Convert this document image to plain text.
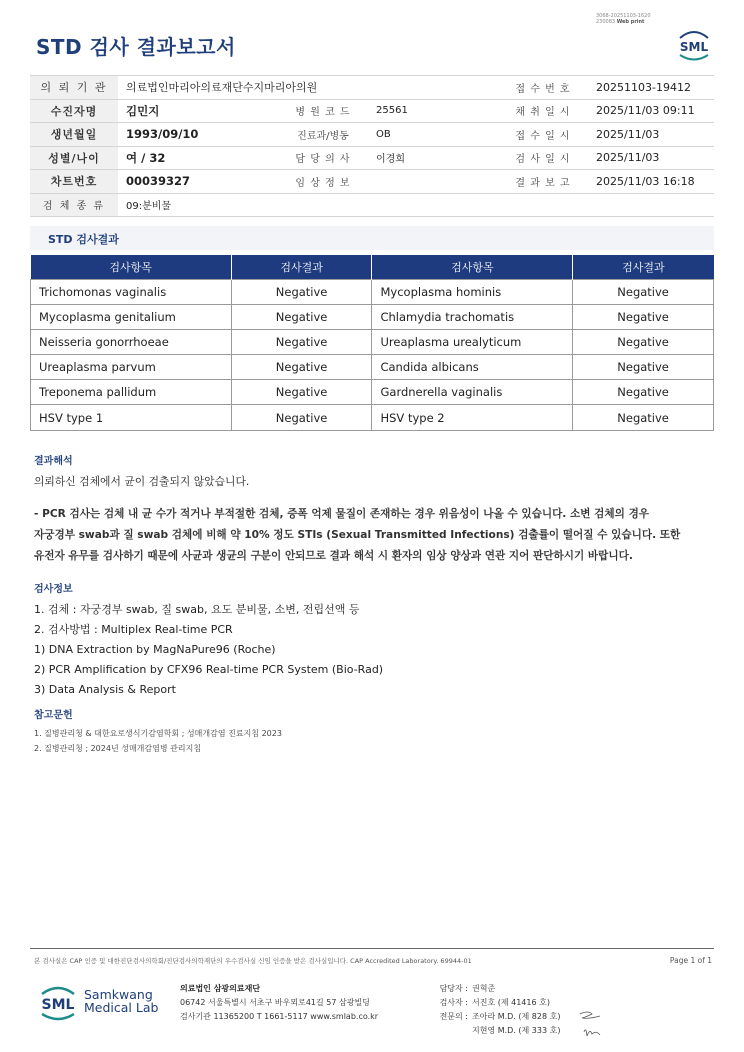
3068-20251103-1620
230083 Web print
STD 검사 결과보고서	SML
의 뢰 기 관	의료법인마리아의료재단수지마리아의원			접 수 번 호	20251103-19412
수진자명	김민지	병 원 코 드	25561	채 취 일 시	2025/11/03 09:11
생년월일	1993/09/10	진료과/병동	OB	접 수 일 시	2025/11/03
성별/나이	여 / 32	담 당 의 사	이경희	검 사 일 시	2025/11/03
차트번호	00039327	임 상 정 보		결 과 보 고	2025/11/03 16:18
검 체 종 류	09:분비물				
STD 검사결과
검사항목	검사결과	검사항목	검사결과
Trichomonas vaginalis	Negative	Mycoplasma hominis	Negative
Mycoplasma genitalium	Negative	Chlamydia trachomatis	Negative
Neisseria gonorrhoeae	Negative	Ureaplasma urealyticum	Negative
Ureaplasma parvum	Negative	Candida albicans	Negative
Treponema pallidum	Negative	Gardnerella vaginalis	Negative
HSV type 1	Negative	HSV type 2	Negative
결과해석
의뢰하신 검체에서 균이 검출되지 않았습니다.
- PCR 검사는 검체 내 균 수가 적거나 부적절한 검체, 증폭 억제 물질이 존재하는 경우 위음성이 나올 수 있습니다. 소변 검체의 경우
자궁경부 swab과 질 swab 검체에 비해 약 10% 정도 STIs (Sexual Transmitted Infections) 검출률이 떨어질 수 있습니다. 또한
유전자 유무를 검사하기 때문에 사균과 생균의 구분이 안되므로 결과 해석 시 환자의 임상 양상과 연관 지어 판단하시기 바랍니다.
검사정보
1. 검체 : 자궁경부 swab, 질 swab, 요도 분비물, 소변, 전립선액 등
2. 검사방법 : Multiplex Real-time PCR
1) DNA Extraction by MagNaPure96 (Roche)
2) PCR Amplification by CFX96 Real-time PCR System (Bio-Rad)
3) Data Analysis & Report
참고문헌
1. 질병관리청 & 대한요로생식기감염학회 ; 성매개감염 진료지침 2023
2. 질병관리청 ; 2024년 성매개감염병 관리지침
본 검사실은 CAP 인증 및 대한진단검사의학회/진단검사의학재단의 우수검사실 신임 인증을 받은 검사실입니다. CAP Accredited Laboratory. 69944-01	Page 1 of 1
SML
Samkwang
Medical Lab
의료법인 삼광의료재단
06742 서울특별시 서초구 바우뫼로41길 57 삼광빌딩
검사기관 11365200 T 1661-5117 www.smlab.co.kr
담당자 : 권혁준
검사자 : 서진호 (제 41416 호)
전문의 : 조아라 M.D. (제 828 호)
지현영 M.D. (제 333 호)
